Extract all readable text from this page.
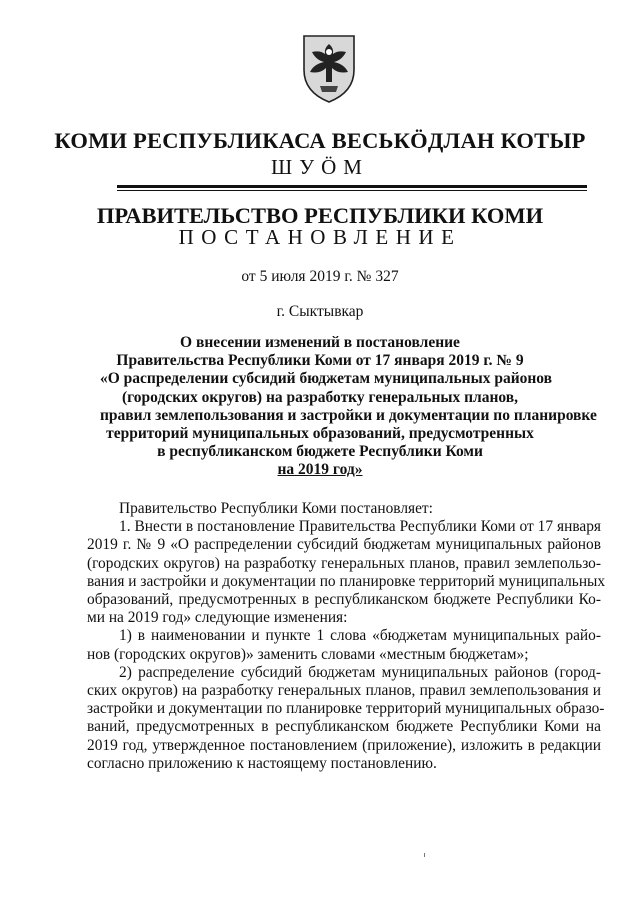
КОМИ РЕСПУБЛИКАСА ВЕСЬКӦДЛАН КОТЫР
ШУӦМ
ПРАВИТЕЛЬСТВО РЕСПУБЛИКИ КОМИ
ПОСТАНОВЛЕНИЕ
от 5 июля 2019 г. № 327
г. Сыктывкар
О внесении изменений в постановление
Правительства Республики Коми от 17 января 2019 г. № 9
«О распределении субсидий бюджетам муниципальных районов
(городских округов) на разработку генеральных планов,
правил землепользования и застройки и документации по планировке
территорий муниципальных образований, предусмотренных
в республиканском бюджете Республики Коми
на 2019 год»

Правительство Республики Коми постановляет:

1. Внести в постановление Правительства Республики Коми от 17 января

2019 г. № 9 «О распределении субсидий бюджетам муниципальных районов

(городских округов) на разработку генеральных планов, правил землепользо-

вания и застройки и документации по планировке территорий муниципальных

образований, предусмотренных в республиканском бюджете Республики Ко-

ми на 2019 год» следующие изменения:

1) в наименовании и пункте 1 слова «бюджетам муниципальных райо-

нов (городских округов)» заменить словами «местным бюджетам»;

2) распределение субсидий бюджетам муниципальных районов (город-

ских округов) на разработку генеральных планов, правил землепользования и

застройки и документации по планировке территорий муниципальных образо-

ваний, предусмотренных в республиканском бюджете Республики Коми на

2019 год, утвержденное постановлением (приложение), изложить в редакции

согласно приложению к настоящему постановлению.
